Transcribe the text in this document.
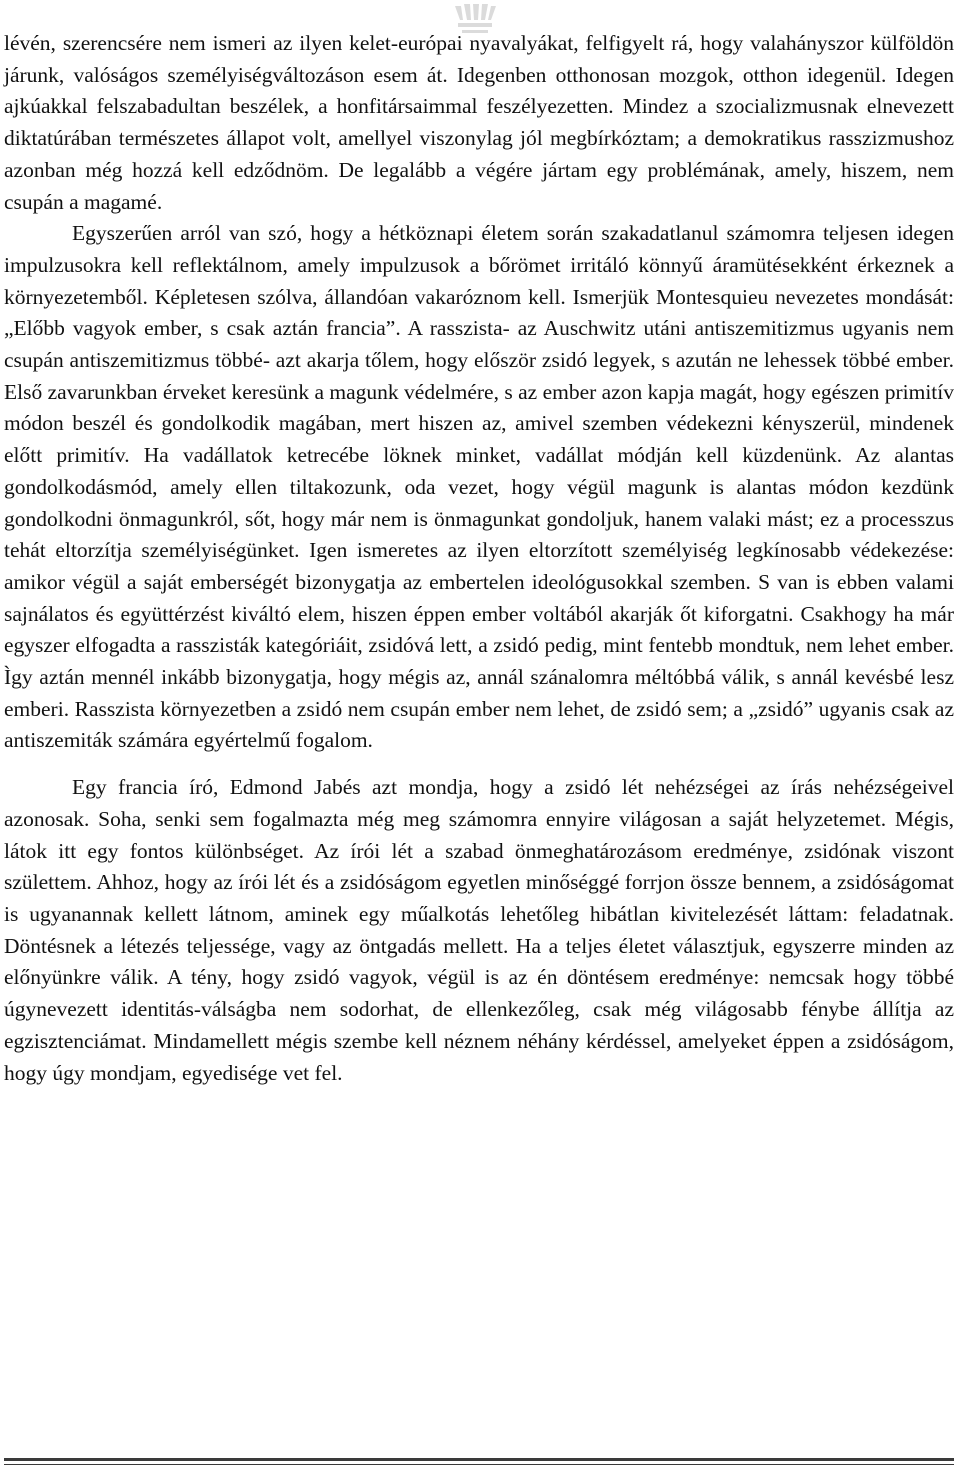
lévén, szerencsére nem ismeri az ilyen kelet-európai nyavalyákat, felfigyelt rá, hogy valahányszor külföldön járunk, valóságos személyiségváltozáson esem át. Idegenben otthonosan mozgok, otthon idegenül. Idegen ajkúakkal felszabadultan beszélek, a honfitársaimmal feszélyezetten. Mindez a szocializmusnak elnevezett diktatúrában természetes állapot volt, amellyel viszonylag jól megbírkóztam; a demokratikus rasszizmushoz azonban még hozzá kell edződnöm. De legalább a végére jártam egy problémának, amely, hiszem, nem csupán a magamé.

Egyszerűen arról van szó, hogy a hétköznapi életem során szakadatlanul számomra teljesen idegen impulzusokra kell reflektálnom, amely impulzusok a bőrömet irritáló könnyű áramütésekként érkeznek a környezetemből. Képletesen szólva, állandóan vakaróznom kell. Ismerjük Montesquieu nevezetes mondását: „Előbb vagyok ember, s csak aztán francia”. A rasszista- az Auschwitz utáni antiszemitizmus ugyanis nem csupán antiszemitizmus többé- azt akarja tőlem, hogy először zsidó legyek, s azután ne lehessek többé ember. Első zavarunkban érveket keresünk a magunk védelmére, s az ember azon kapja magát, hogy egészen primitív módon beszél és gondolkodik magában, mert hiszen az, amivel szemben védekezni kényszerül, mindenek előtt primitív. Ha vadállatok ketrecébe löknek minket, vadállat módján kell küzdenünk. Az alantas gondolkodásmód, amely ellen tiltakozunk, oda vezet, hogy végül magunk is alantas módon kezdünk gondolkodni önmagunkról, sőt, hogy már nem is önmagunkat gondoljuk, hanem valaki mást; ez a processzus tehát eltorzítja személyiségünket. Igen ismeretes az ilyen eltorzított személyiség legkínosabb védekezése: amikor végül a saját emberségét bizonygatja az embertelen ideológusokkal szemben. S van is ebben valami sajnálatos és együttérzést kiváltó elem, hiszen éppen ember voltából akarják őt kiforgatni. Csakhogy ha már egyszer elfogadta a rasszisták kategóriáit, zsidóvá lett, a zsidó pedig, mint fentebb mondtuk, nem lehet ember. Ìgy aztán mennél inkább bizonygatja, hogy mégis az, annál szánalomra méltóbbá válik, s annál kevésbé lesz emberi. Rasszista környezetben a zsidó nem csupán ember nem lehet, de zsidó sem; a „zsidó” ugyanis csak az antiszemiták számára egyértelmű fogalom.

Egy francia író, Edmond Jabés azt mondja, hogy a zsidó lét nehézségei az írás nehézségeivel azonosak. Soha, senki sem fogalmazta még meg számomra ennyire világosan a saját helyzetemet. Mégis, látok itt egy fontos különbséget. Az írói lét a szabad önmeghatározásom eredménye, zsidónak viszont születtem. Ahhoz, hogy az írói lét és a zsidóságom egyetlen minőséggé forrjon össze bennem, a zsidóságomat is ugyanannak kellett látnom, aminek egy műalkotás lehetőleg hibátlan kivitelezését láttam: feladatnak. Döntésnek a létezés teljessége, vagy az öntgadás mellett. Ha a teljes életet választjuk, egyszerre minden az előnyünkre válik. A tény, hogy zsidó vagyok, végül is az én döntésem eredménye: nemcsak hogy többé úgynevezett identitás-válságba nem sodorhat, de ellenkezőleg, csak még világosabb fénybe állítja az egzisztenciámat. Mindamellett mégis szembe kell néznem néhány kérdéssel, amelyeket éppen a zsidóságom, hogy úgy mondjam, egyedisége vet fel.
